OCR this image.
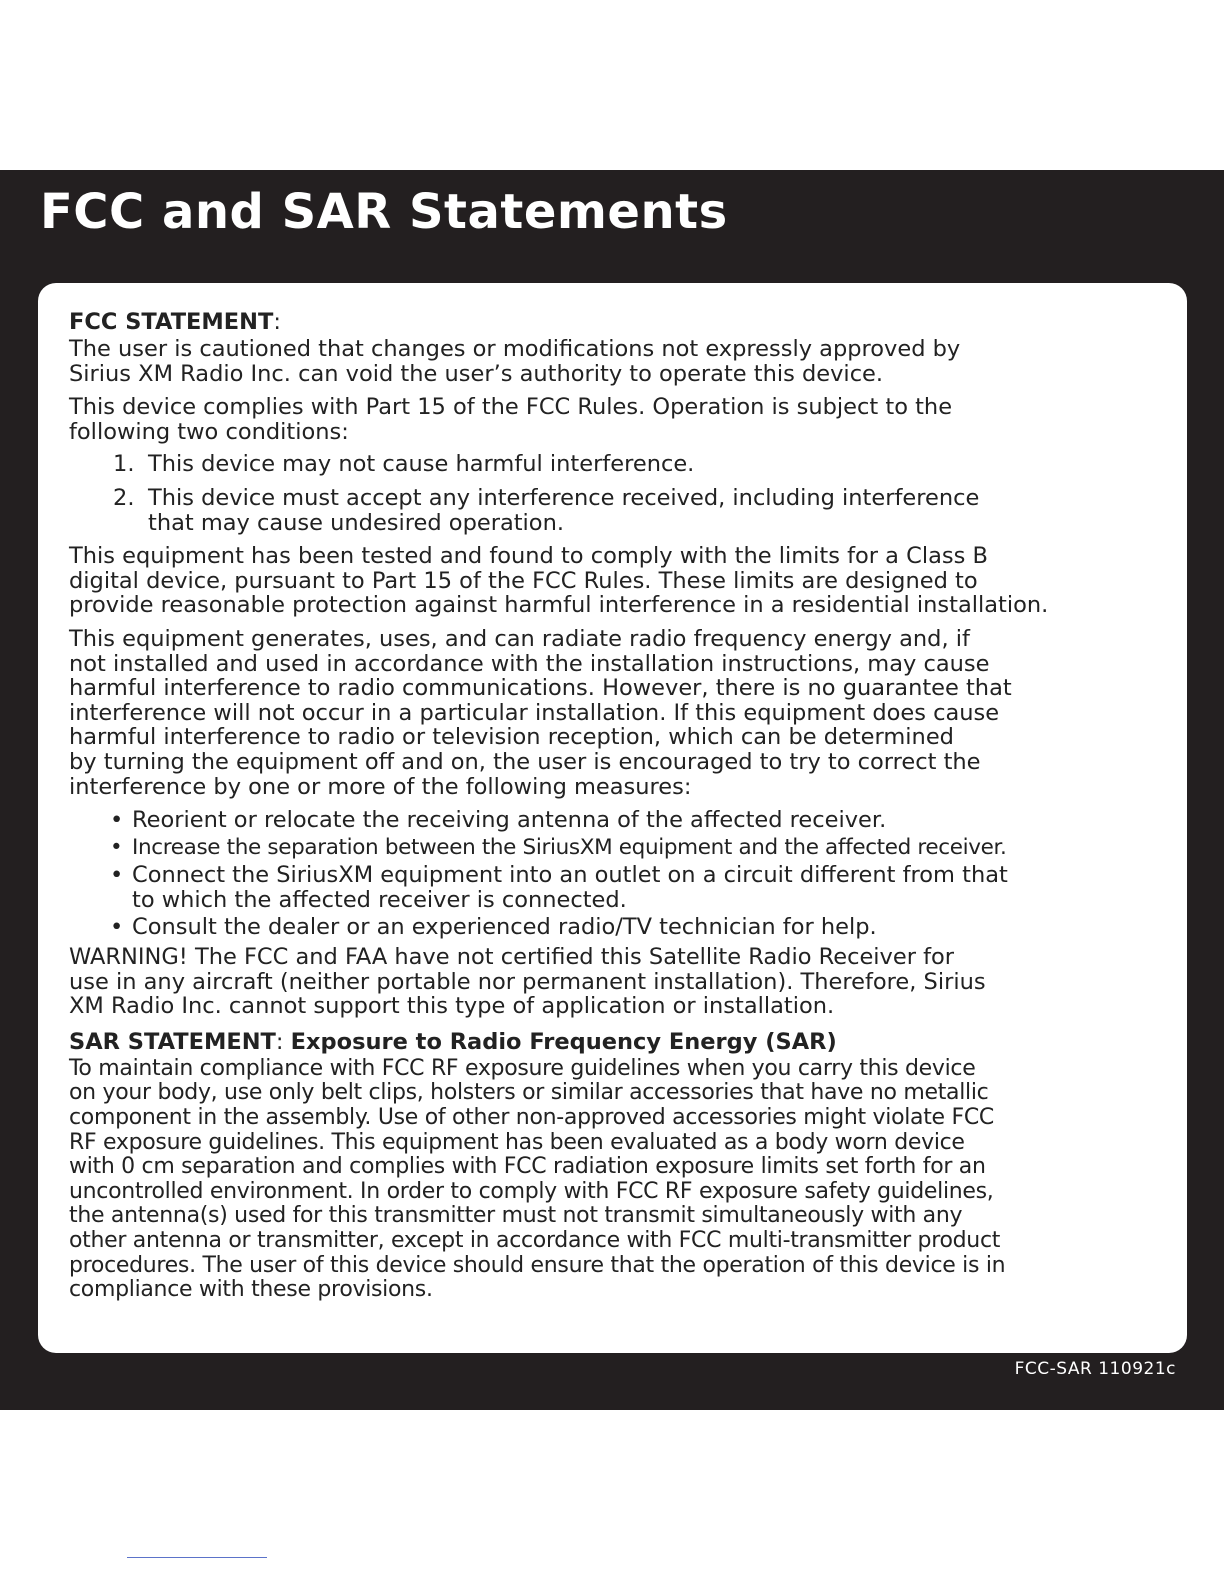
FCC and SAR Statements
FCC STATEMENT:

The user is cautioned that changes or modifications not expressly approved by
Sirius XM Radio Inc. can void the user’s authority to operate this device.

This device complies with Part 15 of the FCC Rules. Operation is subject to the
following two conditions:

1. This device may not cause harmful interference.
2. This device must accept any interference received, including interference
that may cause undesired operation.

This equipment has been tested and found to comply with the limits for a Class B
digital device, pursuant to Part 15 of the FCC Rules. These limits are designed to
provide reasonable protection against harmful interference in a residential installation.

This equipment generates, uses, and can radiate radio frequency energy and, if
not installed and used in accordance with the installation instructions, may cause
harmful interference to radio communications. However, there is no guarantee that
interference will not occur in a particular installation. If this equipment does cause
harmful interference to radio or television reception, which can be determined
by turning the equipment off and on, the user is encouraged to try to correct the
interference by one or more of the following measures:

• Reorient or relocate the receiving antenna of the affected receiver.
• Increase the separation between the SiriusXM equipment and the affected receiver.
• Connect the SiriusXM equipment into an outlet on a circuit different from that
to which the affected receiver is connected.
• Consult the dealer or an experienced radio/TV technician for help.

WARNING! The FCC and FAA have not certified this Satellite Radio Receiver for
use in any aircraft (neither portable nor permanent installation). Therefore, Sirius
XM Radio Inc. cannot support this type of application or installation.

SAR STATEMENT: Exposure to Radio Frequency Energy (SAR)

To maintain compliance with FCC RF exposure guidelines when you carry this device
on your body, use only belt clips, holsters or similar accessories that have no metallic
component in the assembly. Use of other non-approved accessories might violate FCC
RF exposure guidelines. This equipment has been evaluated as a body worn device
with 0 cm separation and complies with FCC radiation exposure limits set forth for an
uncontrolled environment. In order to comply with FCC RF exposure safety guidelines,
the antenna(s) used for this transmitter must not transmit simultaneously with any
other antenna or transmitter, except in accordance with FCC multi-transmitter product
procedures. The user of this device should ensure that the operation of this device is in
compliance with these provisions.

FCC-SAR 110921c
